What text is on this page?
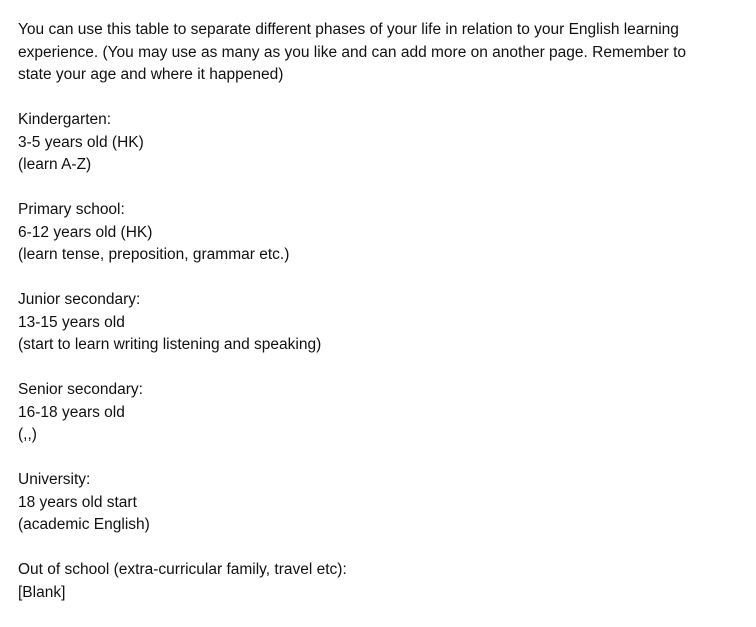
You can use this table to separate different phases of your life in relation to your English learning
experience. (You may use as many as you like and can add more on another page. Remember to
state your age and where it happened)
Kindergarten:
3-5 years old (HK)
(learn A-Z)
Primary school:
6-12 years old (HK)
(learn tense, preposition, grammar etc.)
Junior secondary:
13-15 years old
(start to learn writing listening and speaking)
Senior secondary:
16-18 years old
(,,)
University:
18 years old start
(academic English)
Out of school (extra-curricular family, travel etc):
[Blank]
